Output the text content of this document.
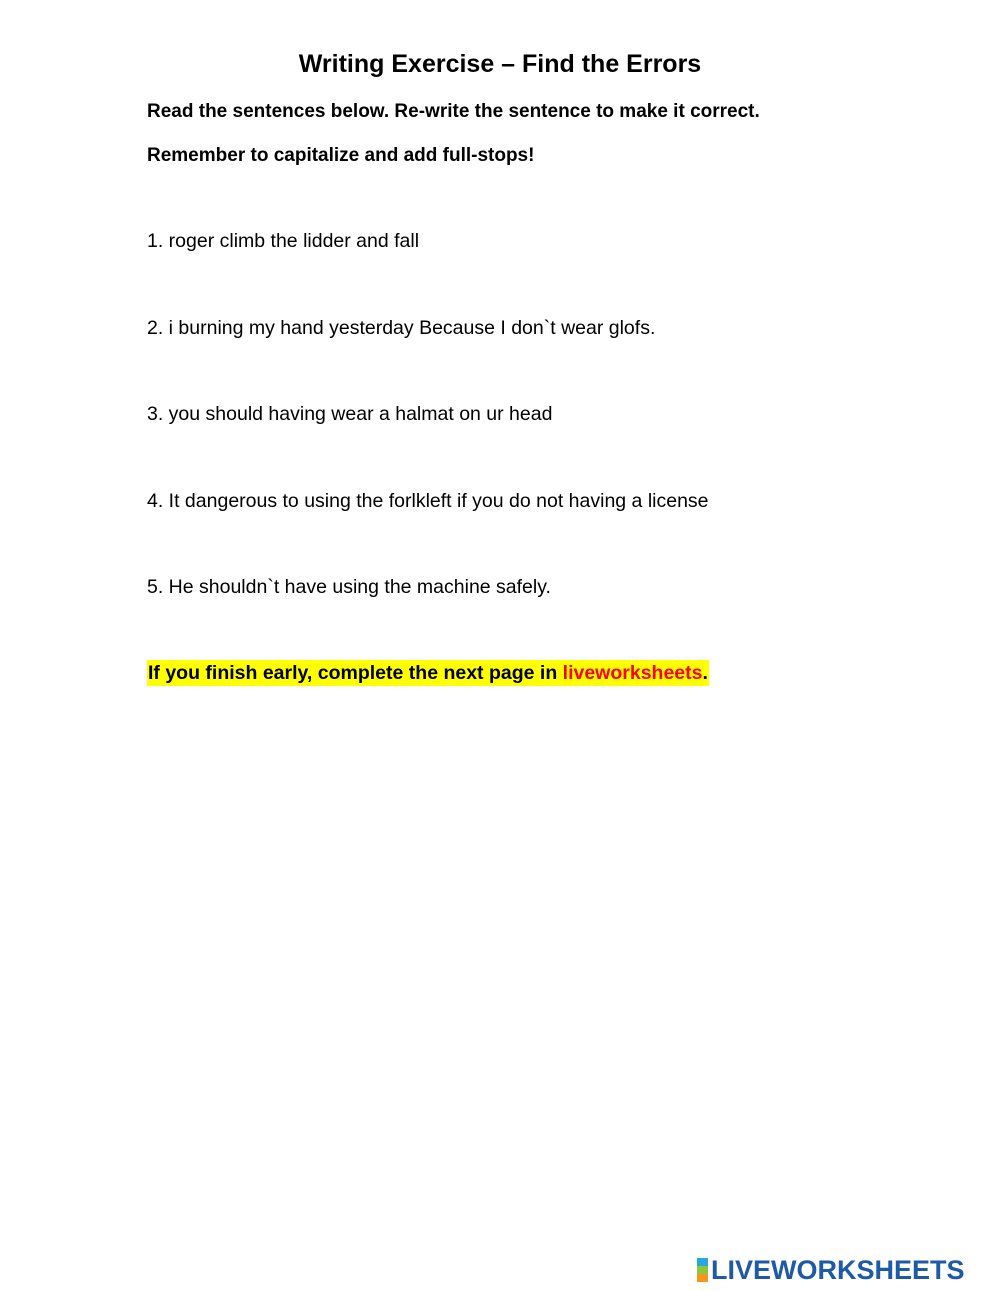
Writing Exercise – Find the Errors
Read the sentences below. Re-write the sentence to make it correct.
Remember to capitalize and add full-stops!
1. roger climb the lidder and fall
2. i burning my hand yesterday Because I don`t wear glofs.
3. you should having wear a halmat on ur head
4. It dangerous to using the forlkleft if you do not having a license
5. He shouldn`t have using the machine safely.
If you finish early, complete the next page in liveworksheets.
LIVEWORKSHEETS
